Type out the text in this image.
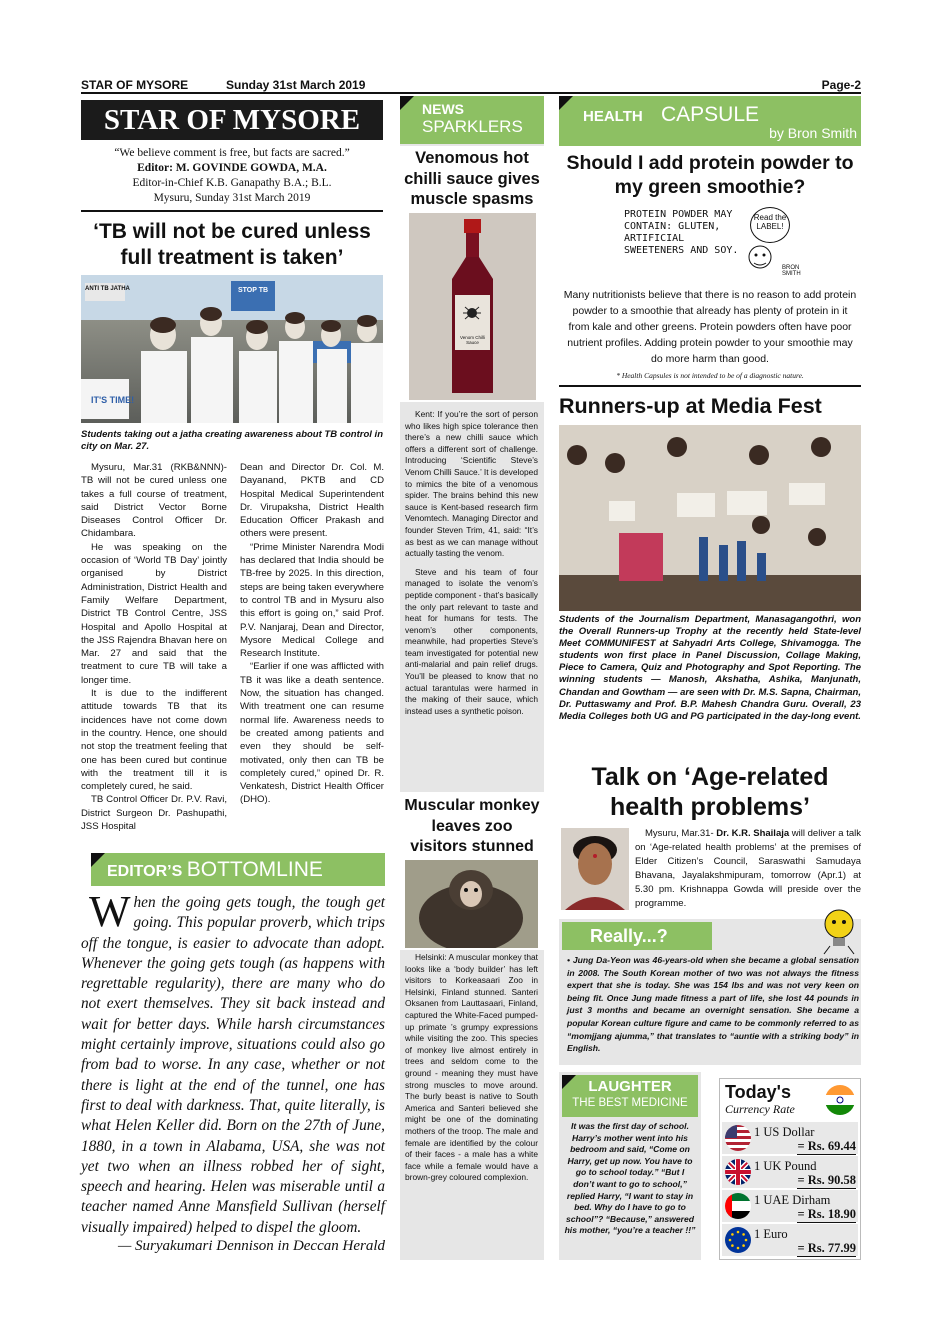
STAR OF MYSORE	Sunday 31st March 2019	Page-2
STAR OF MYSORE
“We believe comment is free, but facts are sacred.”
Editor: M. GOVINDE GOWDA, M.A.
Editor-in-Chief K.B. Ganapathy B.A.; B.L.
Mysuru, Sunday 31st March 2019
‘TB will not be cured unless full treatment is taken’
ANTI TB JATHA	STOP TB
IT'S TIME!
Students taking out a jatha creating awareness about TB control in city on Mar. 27.

Mysuru, Mar.31 (RKB&NNN)- TB will not be cured unless one takes a full course of treatment, said District Vector Borne Diseases Control Officer Dr. Chidambara.

He was speaking on the occasion of ‘World TB Day’ jointly organised by District Administration, District Health and Family Welfare Department, District TB Control Centre, JSS Hospital and Apollo Hospital at the JSS Rajendra Bhavan here on Mar. 27 and said that the treatment to cure TB will take a longer time.

It is due to the indifferent attitude towards TB that its incidences have not come down in the country. Hence, one should not stop the treatment feeling that one has been cured but continue with the treatment till it is completely cured, he said.

TB Control Officer Dr. P.V. Ravi, District Surgeon Dr. Pashupathi, JSS Hospital

Dean and Director Dr. Col. M. Dayanand, PKTB and CD Hospital Medical Superintendent Dr. Virupaksha, District Health Education Officer Prakash and others were present.

“Prime Minister Narendra Modi has declared that India should be TB-free by 2025. In this direction, steps are being taken everywhere to control TB and in Mysuru also this effort is going on,” said Prof. P.V. Nanjaraj, Dean and Director, Mysore Medical College and Research Institute.

“Earlier if one was afflicted with TB it was like a death sentence. Now, the situation has changed. With treatment one can resume normal life. Awareness needs to be created among patients and even they should be self-motivated, only then can TB be completely cured,” opined Dr. R. Venkatesh, District Health Officer (DHO).

EDITOR’S BOTTOMLINE
W hen the going gets tough, the tough get going. This popular proverb, which trips off the tongue, is easier to advocate than adopt. Whenever the going gets tough (as happens with regrettable regularity), there are many who do not exert themselves. They sit back instead and wait for better days. While harsh circumstances might certainly improve, situations could also go from bad to worse. In any case, whether or not there is light at the end of the tunnel, one has first to deal with darkness. That, quite literally, is what Helen Keller did. Born on the 27th of June, 1880, in a town in Alabama, USA, she was not yet two when an illness robbed her of sight, speech and hearing. Helen was miserable until a teacher named Anne Mansfield Sullivan (herself visually impaired) helped to dispel the gloom.
— Suryakumari Dennison in Deccan Herald
NEWS
SPARKLERS
Venomous hot chilli sauce gives muscle spasms
Venom Chilli Sauce

Kent: If you’re the sort of person who likes high spice tolerance then there’s a new chilli sauce which offers a different sort of challenge. Introducing ‘Scientific Steve’s Venom Chilli Sauce.’ It is developed to mimics the bite of a venomous spider. The brains behind this new sauce is Kent-based research firm Venomtech. Managing Director and founder Steven Trim, 41, said: “It’s as best as we can manage without actually tasting the venom.

Steve and his team of four managed to isolate the venom’s peptide component - that’s basically the only part relevant to taste and heat for humans for tests. The venom’s other components, meanwhile, had properties Steve’s team investigated for potential new anti-malarial and pain relief drugs. You’ll be pleased to know that no actual tarantulas were harmed in the making of their sauce, which instead uses a synthetic poison.

Muscular monkey leaves zoo visitors stunned

Helsinki: A muscular monkey that looks like a ‘body builder’ has left visitors to Korkeasaari Zoo in Helsinki, Finland stunned. Santeri Oksanen from Lauttasaari, Finland, captured the White-Faced pumped-up primate ’s grumpy expressions while visiting the zoo. This species of monkey live almost entirely in trees and seldom come to the ground - meaning they must have strong muscles to move around. The burly beast is native to South America and Santeri believed she might be one of the dominating mothers of the troop. The male and female are identified by the colour of their faces - a male has a white face while a female would have a brown-grey coloured complexion.

HEALTH CAPSULE
by Bron Smith
Should I add protein powder to my green smoothie?
PROTEIN POWDER MAY CONTAIN: GLUTEN, ARTIFICIAL SWEETENERS AND SOY.
Read the LABEL!
BRON SMITH
Many nutritionists believe that there is no reason to add protein powder to a smoothie that already has plenty of protein in it from kale and other greens. Protein powders often have poor nutrient profiles. Adding protein powder to your smoothie may do more harm than good.
* Health Capsules is not intended to be of a diagnostic nature.
Runners-up at Media Fest
Students of the Journalism Department, Manasagangothri, won the Overall Runners-up Trophy at the recently held State-level Meet COMMUNIFEST at Sahyadri Arts College, Shivamogga. The students won first place in Panel Discussion, Collage Making, Piece to Camera, Quiz and Photography and Spot Reporting. The winning students — Manosh, Akshatha, Ashika, Manjunath, Chandan and Gowtham — are seen with Dr. M.S. Sapna, Chairman, Dr. Puttaswamy and Prof. B.P. Mahesh Chandra Guru. Overall, 23 Media Colleges both UG and PG participated in the day-long event.
Talk on ‘Age-related health problems’

Mysuru, Mar.31- Dr. K.R. Shailaja will deliver a talk on ‘Age-related health problems’ at the premises of Elder Citizen’s Council, Saraswathi Samudaya Bhavana, Jayalakshmipuram, tomorrow (Apr.1) at 5.30 pm. Krishnappa Gowda will preside over the programme.

Really...?
• Jung Da-Yeon was 46-years-old when she became a global sensation in 2008. The South Korean mother of two was not always the fitness expert that she is today. She was 154 lbs and was not very keen on being fit. Once Jung made fitness a part of life, she lost 44 pounds in just 3 months and became an overnight sensation. She became a popular Korean culture figure and came to be commonly referred to as “momjjang ajumma,” that translates to “auntie with a striking body” in English.
LAUGHTER
THE BEST MEDICINE
It was the first day of school. Harry’s mother went into his bedroom and said, “Come on Harry, get up now. You have to go to school today.” “But I don’t want to go to school,” replied Harry, “I want to stay in bed. Why do I have to go to school”? “Because,” answered his mother, “you’re a teacher !!”
Today's
Currency Rate
1 US Dollar
= Rs. 69.44
1 UK Pound
= Rs. 90.58
1 UAE Dirham
= Rs. 18.90
1 Euro
= Rs. 77.99
